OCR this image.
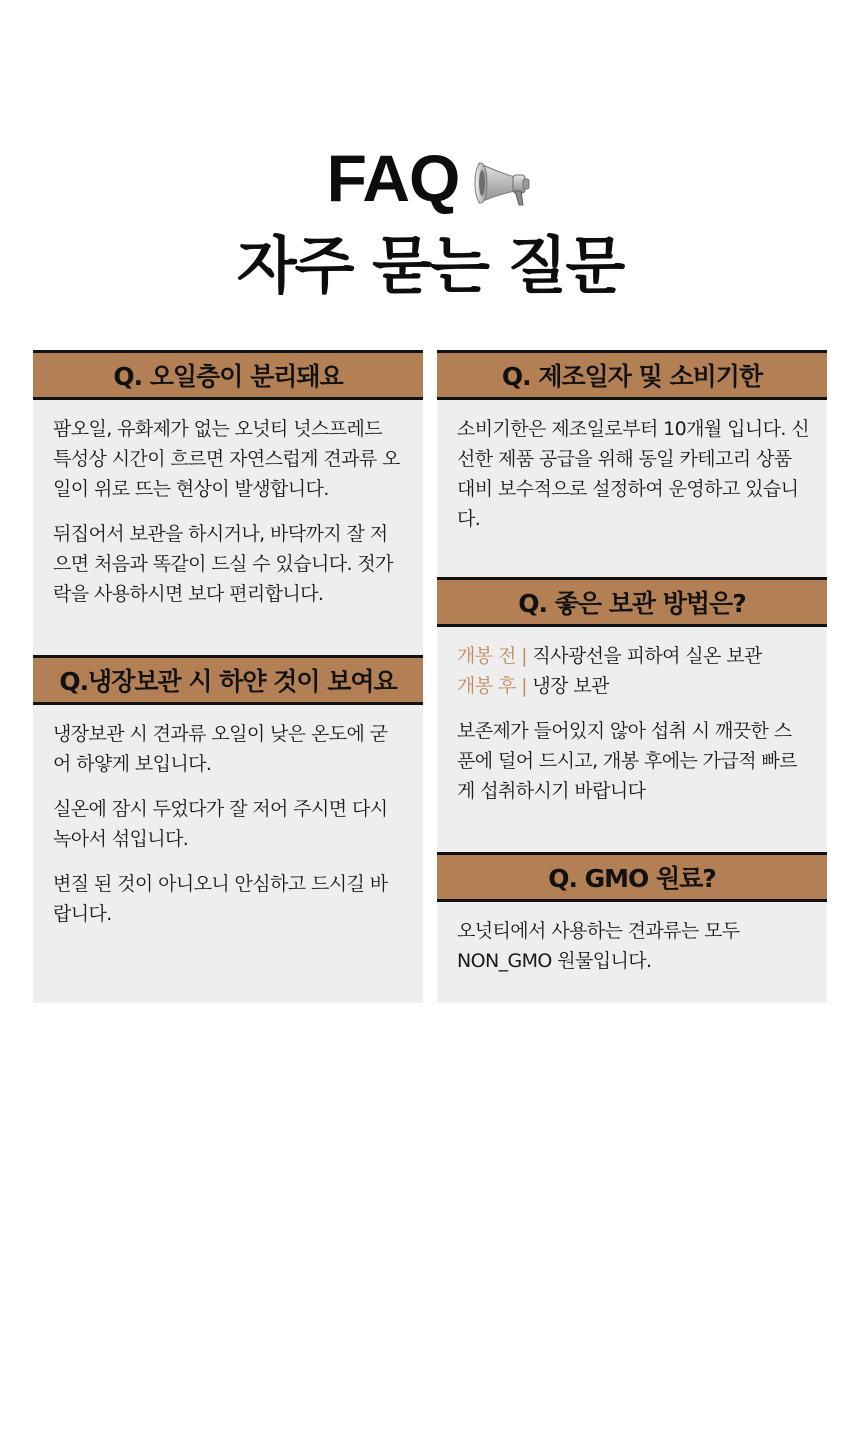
FAQ
자주 묻는 질문
Q. 오일층이 분리돼요

팜오일, 유화제가 없는 오넛티 넛스프레드 특성상 시간이 흐르면 자연스럽게 견과류 오일이 위로 뜨는 현상이 발생합니다.

뒤집어서 보관을 하시거나, 바닥까지 잘 저으면 처음과 똑같이 드실 수 있습니다. 젓가락을 사용하시면 보다 편리합니다.

Q.냉장보관 시 하얀 것이 보여요

냉장보관 시 견과류 오일이 낮은 온도에 굳어 하얗게 보입니다.

실온에 잠시 두었다가 잘 저어 주시면 다시 녹아서 섞입니다.

변질 된 것이 아니오니 안심하고 드시길 바랍니다.

Q. 제조일자 및 소비기한

소비기한은 제조일로부터 10개월 입니다. 신선한 제품 공급을 위해 동일 카테고리 상품 대비 보수적으로 설정하여 운영하고 있습니다.

Q. 좋은 보관 방법은?

개봉 전 | 직사광선을 피하여 실온 보관
개봉 후 | 냉장 보관

보존제가 들어있지 않아 섭취 시 깨끗한 스푼에 덜어 드시고, 개봉 후에는 가급적 빠르게 섭취하시기 바랍니다

Q. GMO 원료?

오넛티에서 사용하는 견과류는 모두 NON_GMO 원물입니다.
